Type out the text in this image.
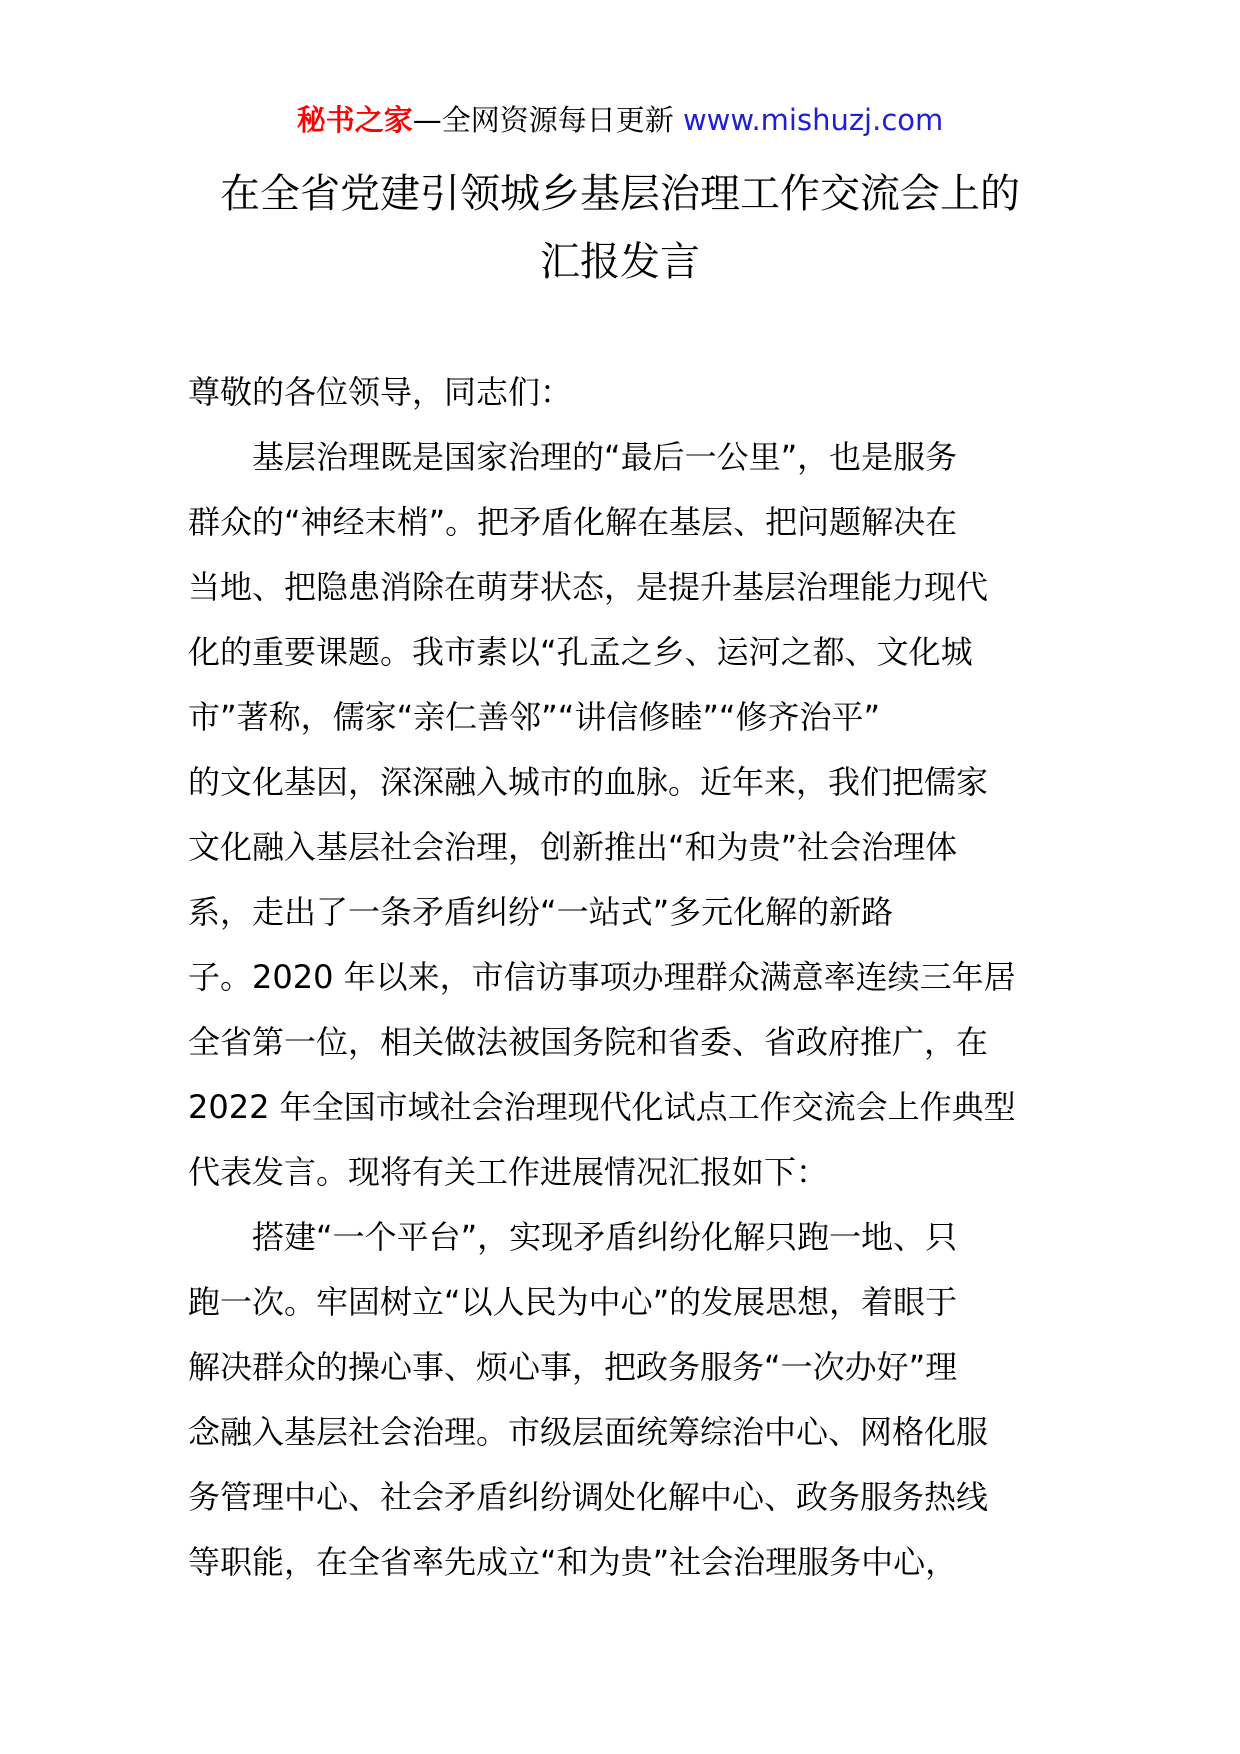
秘书之家—全网资源每日更新 www.mishuzj.com
在全省党建引领城乡基层治理工作交流会上的
汇报发言
尊敬的各位领导，同志们：
基层治理既是国家治理的“最后一公里”，也是服务
群众的“神经末梢”。把矛盾化解在基层、把问题解决在
当地、把隐患消除在萌芽状态，是提升基层治理能力现代
化的重要课题。我市素以“孔孟之乡、运河之都、文化城
市”著称，儒家“亲仁善邻”“讲信修睦”“修齐治平”
的文化基因，深深融入城市的血脉。近年来，我们把儒家
文化融入基层社会治理，创新推出“和为贵”社会治理体
系，走出了一条矛盾纠纷“一站式”多元化解的新路
子。2020 年以来，市信访事项办理群众满意率连续三年居
全省第一位，相关做法被国务院和省委、省政府推广，在
2022 年全国市域社会治理现代化试点工作交流会上作典型
代表发言。现将有关工作进展情况汇报如下：
搭建“一个平台”，实现矛盾纠纷化解只跑一地、只
跑一次。牢固树立“以人民为中心”的发展思想，着眼于
解决群众的操心事、烦心事，把政务服务“一次办好”理
念融入基层社会治理。市级层面统筹综治中心、网格化服
务管理中心、社会矛盾纠纷调处化解中心、政务服务热线
等职能，在全省率先成立“和为贵”社会治理服务中心，
